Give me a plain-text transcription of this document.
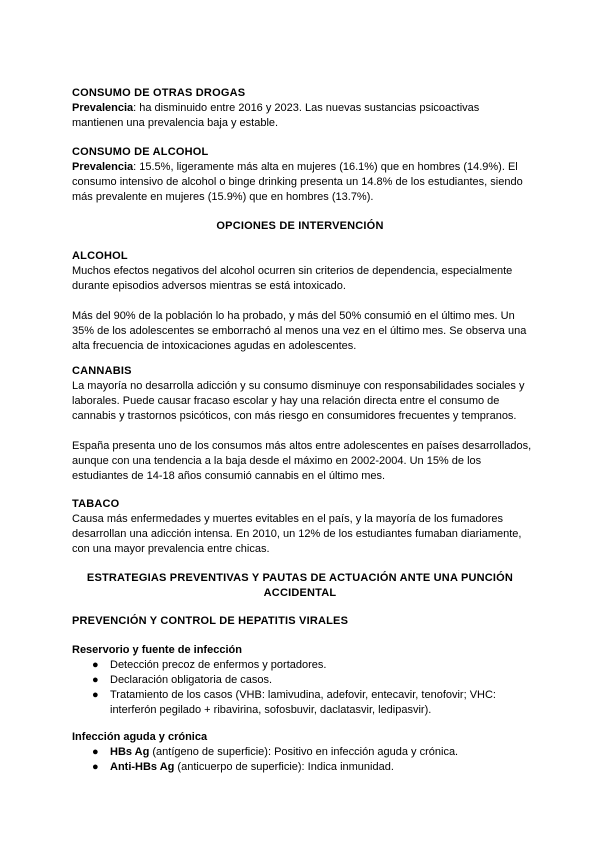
CONSUMO DE OTRAS DROGAS

Prevalencia: ha disminuido entre 2016 y 2023. Las nuevas sustancias psicoactivas mantienen una prevalencia baja y estable.

CONSUMO DE ALCOHOL

Prevalencia: 15.5%, ligeramente más alta en mujeres (16.1%) que en hombres (14.9%). El consumo intensivo de alcohol o binge drinking presenta un 14.8% de los estudiantes, siendo más prevalente en mujeres (15.9%) que en hombres (13.7%).

OPCIONES DE INTERVENCIÓN
ALCOHOL

Muchos efectos negativos del alcohol ocurren sin criterios de dependencia, especialmente durante episodios adversos mientras se está intoxicado.

Más del 90% de la población lo ha probado, y más del 50% consumió en el último mes. Un 35% de los adolescentes se emborrachó al menos una vez en el último mes. Se observa una alta frecuencia de intoxicaciones agudas en adolescentes.

CANNABIS

La mayoría no desarrolla adicción y su consumo disminuye con responsabilidades sociales y laborales. Puede causar fracaso escolar y hay una relación directa entre el consumo de cannabis y trastornos psicóticos, con más riesgo en consumidores frecuentes y tempranos.

España presenta uno de los consumos más altos entre adolescentes en países desarrollados, aunque con una tendencia a la baja desde el máximo en 2002-2004. Un 15% de los estudiantes de 14-18 años consumió cannabis en el último mes.

TABACO

Causa más enfermedades y muertes evitables en el país, y la mayoría de los fumadores desarrollan una adicción intensa. En 2010, un 12% de los estudiantes fumaban diariamente, con una mayor prevalencia entre chicas.

ESTRATEGIAS PREVENTIVAS Y PAUTAS DE ACTUACIÓN ANTE UNA PUNCIÓN
ACCIDENTAL
PREVENCIÓN Y CONTROL DE HEPATITIS VIRALES
Reservorio y fuente de infección
● Detección precoz de enfermos y portadores.
● Declaración obligatoria de casos.
● Tratamiento de los casos (VHB: lamivudina, adefovir, entecavir, tenofovir; VHC: interferón pegilado + ribavirina, sofosbuvir, daclatasvir, ledipasvir).
Infección aguda y crónica
● HBs Ag (antígeno de superficie): Positivo en infección aguda y crónica.
● Anti-HBs Ag (anticuerpo de superficie): Indica inmunidad.
